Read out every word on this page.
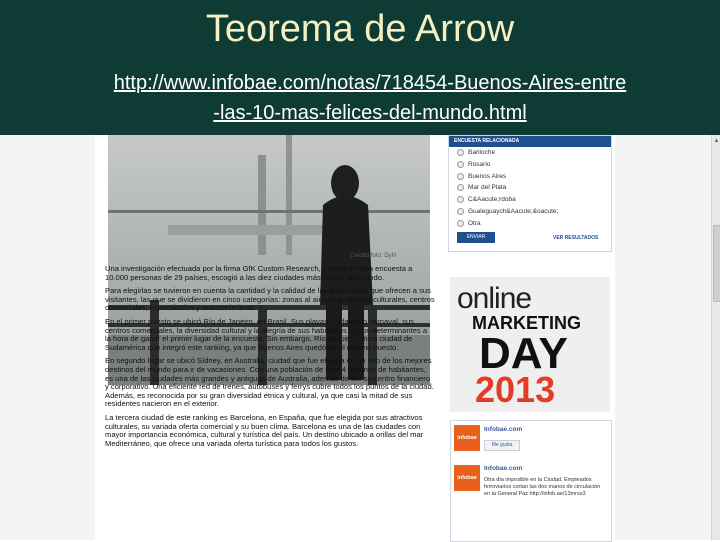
Teorema de Arrow
http://www.infobae.com/notas/718454-Buenos-Aires-entre
-las-10-mas-felices-del-mundo.html
Crédito foto: DyN

Una investigación efectuada por la firma GfK Custom Research, basada en una encuesta a 10.000 personas de 29 países, escogió a las diez ciudades más felices del mundo.

Para elegirlas se tuvieron en cuenta la cantidad y la calidad de las atracciones que ofrecen a sus visitantes, las que se dividieron en cinco categorías: zonas al aire libre, centros culturales, centros comerciales, espectáculos y entretenimiento.

En el primer puesto se ubicó Río de Janeiro, en Brasil. Sus playas, su famoso carnaval, sus centros comerciales, la diversidad cultural y la alegría de sus habitantes fueron determinantes a la hora de ganar el primer lugar de la encuesta. Sin embargo, Río no fue la única ciudad de Sudamérica que integró este ranking, ya que Buenos Aires quedó en el décimo puesto.

En segundo lugar se ubicó Sídney, en Australia, ciudad que fue elegida como uno de los mejores destinos del mundo para ir de vacaciones. Con una población de más 4 millones de habitantes, es una de las ciudades más grandes y antiguas de Australia, además de ser su centro financiero y corporativo. Una eficiente red de trenes, autobuses y ferrys cubre todos los puntos de la ciudad. Además, es reconocida por su gran diversidad étnica y cultural, ya que casi la mitad de sus residentes nacieron en el exterior.

La tercera ciudad de este ranking es Barcelona, en España, que fue elegida por sus atractivos culturales, su variada oferta comercial y su buen clima. Barcelona es una de las ciudades con mayor importancia económica, cultural y turística del país. Un destino ubicado a orillas del mar Mediterráneo, que ofrece una variada oferta turística para todos los gustos.

ENCUESTA RELACIONADA
Bariloche
Rosario
Buenos Aires
Mar del Plata
C&Aacute;rdoba
Gualeguaych&Aacute;&oacute;
Otra
ENVIAR	VER RESULTADOS
online
MARKETING
DAY
2013
infobae
Infobae.com
Me gusta
infobae
Infobae.com
Otra día imposible en la Ciudad. Empleados ferroviarios cortan las dos manos de circulación en la General Paz http://infob.ae/13mrss3
▲
